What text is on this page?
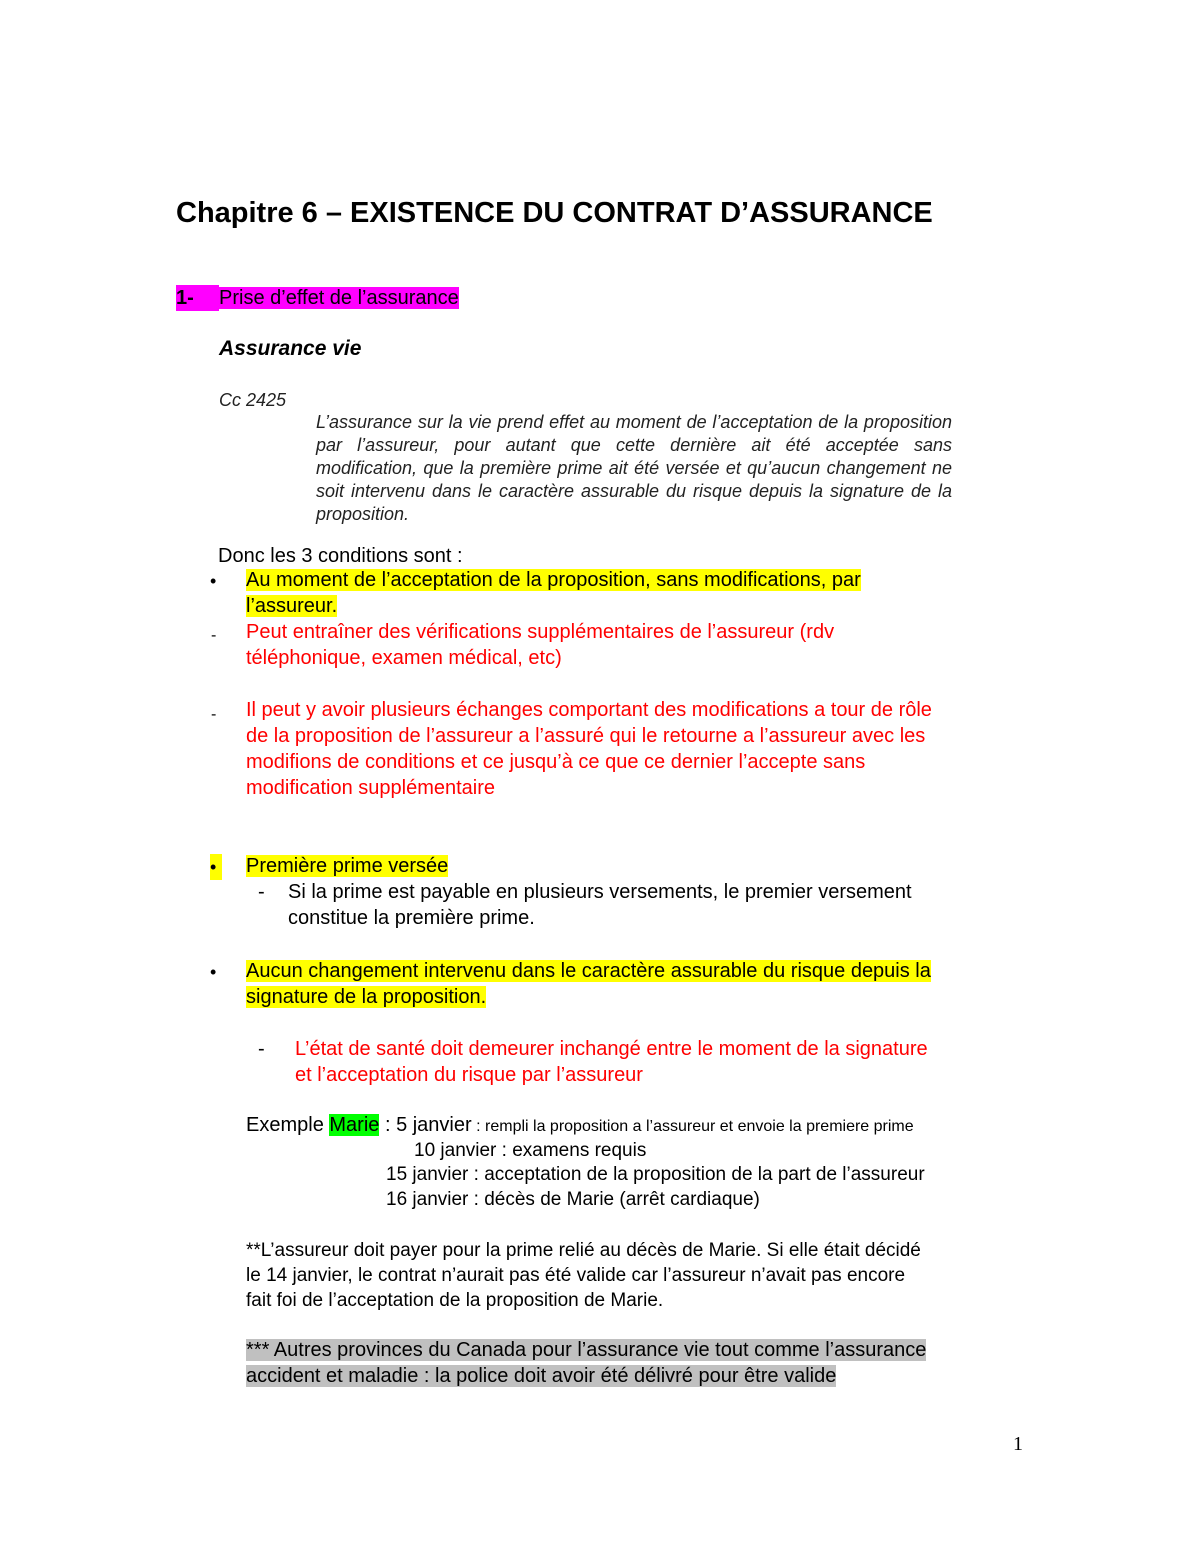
Chapitre 6 – EXISTENCE DU CONTRAT D’ASSURANCE
1- Prise d’effet de l’assurance
Assurance vie
Cc 2425
L’assurance sur la vie prend effet au moment de l’acceptation de la proposition par l’assureur, pour autant que cette dernière ait été acceptée sans modification, que la première prime ait été versée et qu’aucun changement ne soit intervenu dans le caractère assurable du risque depuis la signature de la proposition.
Donc les 3 conditions sont :
• Au moment de l’acceptation de la proposition, sans modifications, par
l’assureur.
- Peut entraîner des vérifications supplémentaires de l’assureur (rdv
téléphonique, examen médical, etc)
- Il peut y avoir plusieurs échanges comportant des modifications a tour de rôle
de la proposition de l’assureur a l’assuré qui le retourne a l’assureur avec les
modifions de conditions et ce jusqu’à ce que ce dernier l’accepte sans
modification supplémentaire
•	Première prime versée
- Si la prime est payable en plusieurs versements, le premier versement
constitue la première prime.
• Aucun changement intervenu dans le caractère assurable du risque depuis la
signature de la proposition.
- L’état de santé doit demeurer inchangé entre le moment de la signature
et l’acceptation du risque par l’assureur
Exemple Marie : 5 janvier : rempli la proposition a l’assureur et envoie la premiere prime
10 janvier : examens requis
15 janvier : acceptation de la proposition de la part de l’assureur
16 janvier : décès de Marie (arrêt cardiaque)
**L’assureur doit payer pour la prime relié au décès de Marie. Si elle était décidé
le 14 janvier, le contrat n’aurait pas été valide car l’assureur n’avait pas encore
fait foi de l’acceptation de la proposition de Marie.
*** Autres provinces du Canada pour l’assurance vie tout comme l’assurance
accident et maladie : la police doit avoir été délivré pour être valide
1
